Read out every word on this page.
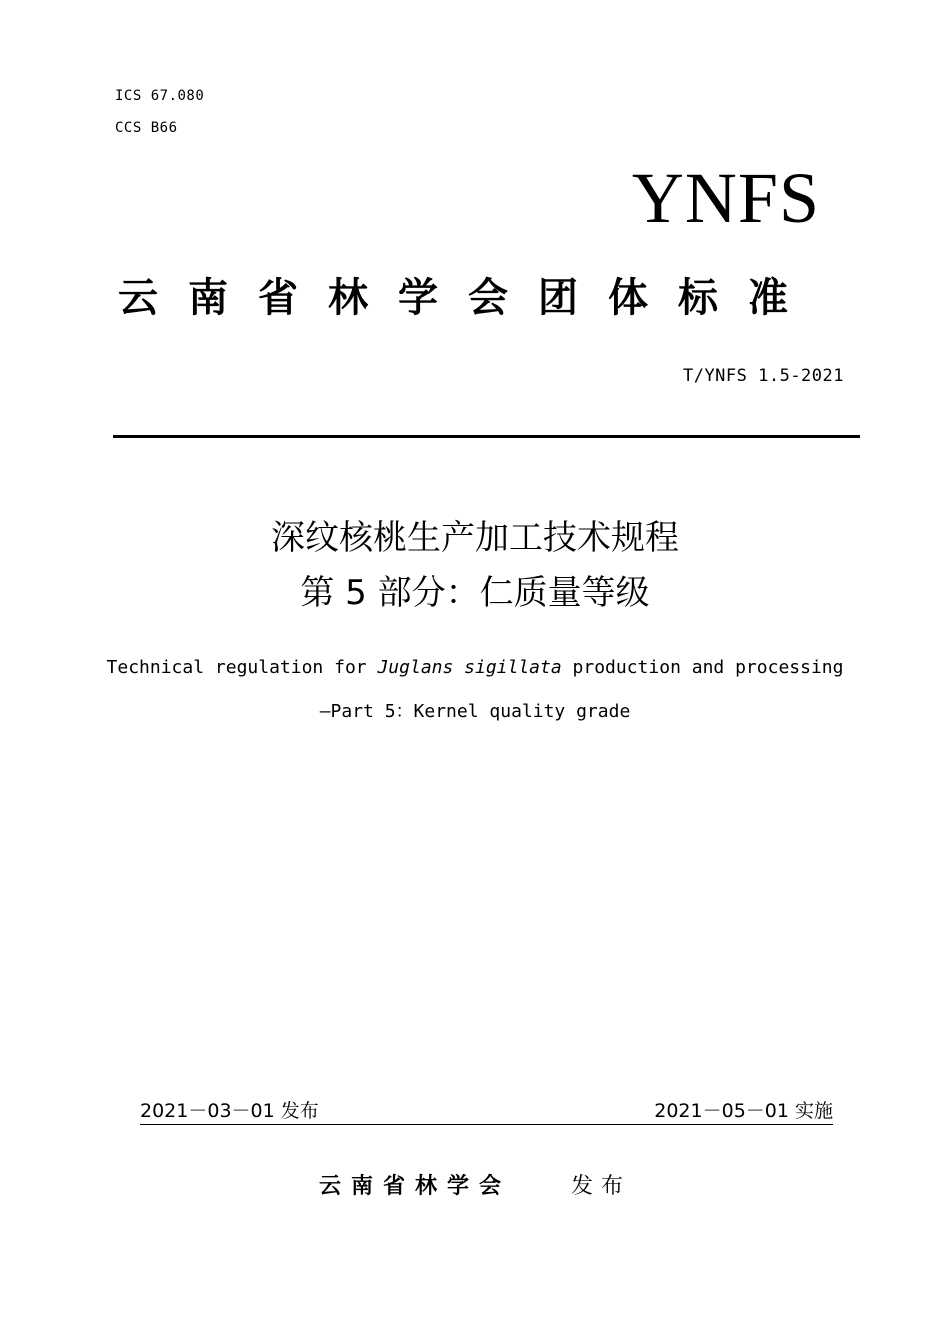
ICS 67.080
CCS B66
YNFS
云南省林学会团体标准
T/YNFS 1.5-2021
深纹核桃生产加工技术规程
第 5 部分：仁质量等级
Technical regulation for Juglans sigillata production and processing
—Part 5：Kernel quality grade
2021－03－01 发布	2021－05－01 实施
云南省林学会	发布
